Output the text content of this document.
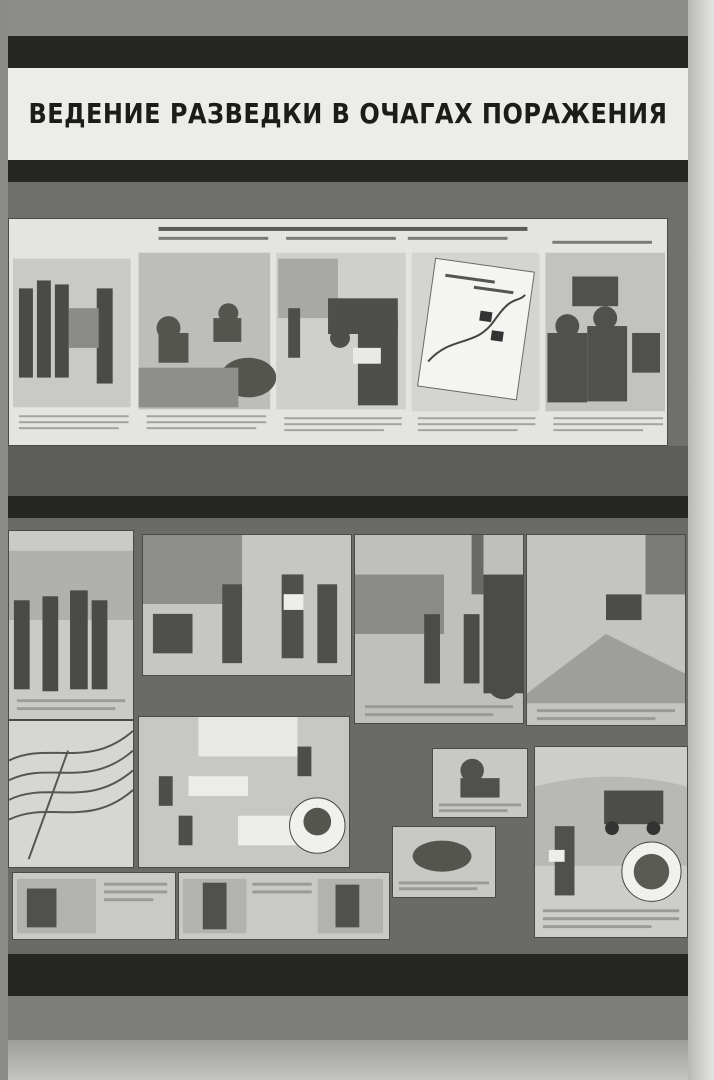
ВЕДЕНИЕ РАЗВЕДКИ В ОЧАГАХ ПОРАЖЕНИЯ
